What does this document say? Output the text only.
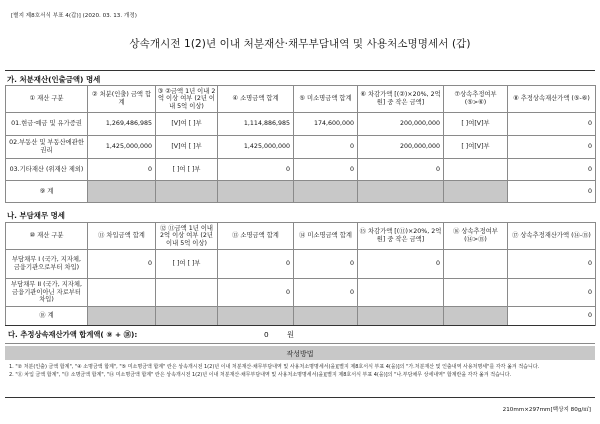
[별지 제8호서식 부표 4(갑)] (2020. 03. 13. 개정)
상속개시전 1(2)년 이내 처분재산·채무부담내역 및 사용처소명명세서 (갑)
가. 처분재산(인출금액) 명세
① 재산 구분	② 처분(인출) 금액 합계	③ ②금액 1년 이내 2억 이상 여부 (2년 이내 5억 이상)	④ 소명금액 합계	⑤ 미소명금액 합계	⑥ 차감가액 [(②)×20%, 2억원] 중 작은 금액]	⑦상속추정여부 (⑤>⑥)	⑧ 추정상속재산가액 (⑤-⑥)
01.현금·예금 및 유가증권	1,269,486,985	[V]여 [ ]부	1,114,886,985	174,600,000	200,000,000	[ ]여[V]부	0
02.부동산 및 부동산에관한 권리	1,425,000,000	[V]여 [ ]부	1,425,000,000	0	200,000,000	[ ]여[V]부	0
03.기타재산 (위재산 제외)	0	[ ]여 [ ]부	0	0	0		0
⑨ 계							0
나. 부담채무 명세
⑩ 재산 구분	⑪ 차입금액 합계	⑫ ⑪금액 1년 이내 2억 이상 여부 (2년 이내 5억 이상)	⑬ 소명금액 합계	⑭ 미소명금액 합계	⑮ 차감가액 [(⑪)×20%, 2억원] 중 작은 금액]	⑯ 상속추정여부 (⑭>⑮)	⑰ 상속추정재산가액 (⑭-⑮)
부담채무 I (국가, 지자체, 금융기관으로부터 차입)	0	[ ]여 [ ]부	0	0	0		0
부담채무 II (국가, 지자체, 금융기관이아닌 자로부터 차입)			0	0			0
⑱ 계							0
다. 추정상속재산가액 합계액( ⑨ + ⑱):	0	원
작성방법

1. "② 처분(인출) 금액 합계", "④ 소명금액 합계", "⑤ 미소명금액 합계" 란은 상속개시전 1(2)년 이내 처분재산·채무부담내역 및 사용처소명명세서(을)[별지 제8호서식 부표 4(을)]의 "가.처분재산 및 인출내역 사용처명세"를 각각 옮겨 적습니다.

2. "⑪ 차입 금액 합계", "⑬ 소명금액 합계", "⑭ 미소명금액 합계" 란은 상속개시전 1(2)년 이내 처분재산·채무부담내역 및 사용처소명명세서(을)[별지 제8호서식 부표 4(을)]의 "나.부담채무 상세내역" 합계란을 각각 옮겨 적습니다.

210mm×297mm[백상지 80g/㎡]
